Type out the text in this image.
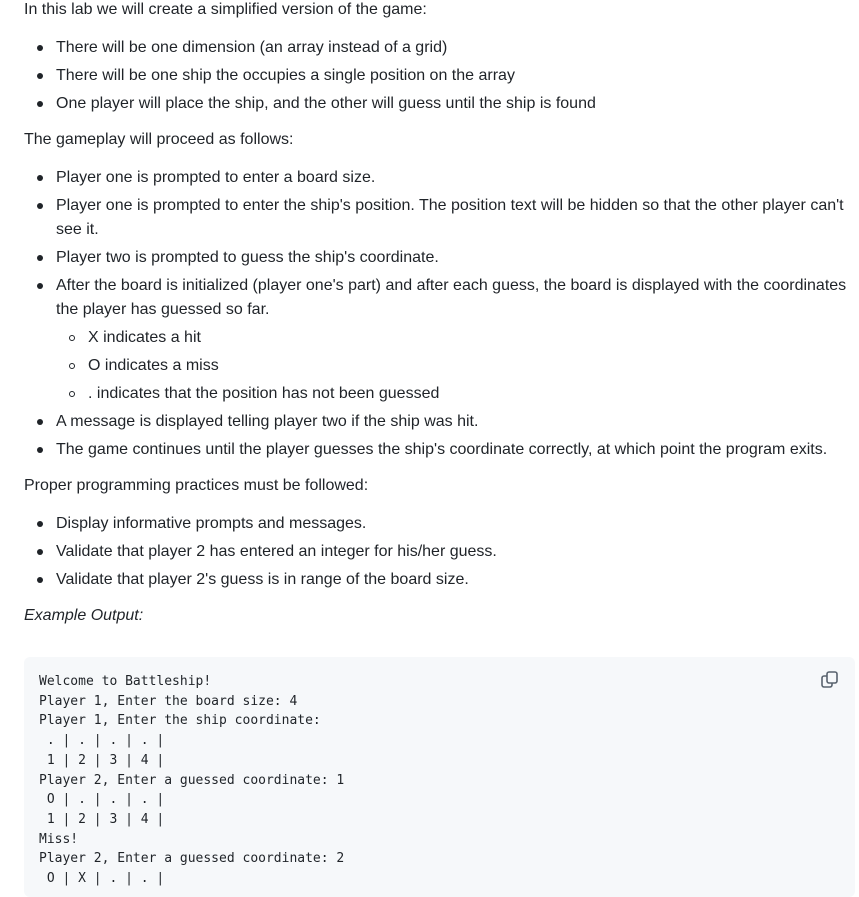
In this lab we will create a simplified version of the game:

There will be one dimension (an array instead of a grid)
There will be one ship the occupies a single position on the array
One player will place the ship, and the other will guess until the ship is found

The gameplay will proceed as follows:

Player one is prompted to enter a board size.
Player one is prompted to enter the ship's position. The position text will be hidden so that the other player can't see it.
Player two is prompted to guess the ship's coordinate.
After the board is initialized (player one's part) and after each guess, the board is displayed with the coordinates the player has guessed so far.
X indicates a hit
O indicates a miss
. indicates that the position has not been guessed
A message is displayed telling player two if the ship was hit.
The game continues until the player guesses the ship's coordinate correctly, at which point the program exits.

Proper programming practices must be followed:

Display informative prompts and messages.
Validate that player 2 has entered an integer for his/her guess.
Validate that player 2's guess is in range of the board size.

Example Output:

Welcome to Battleship!
Player 1, Enter the board size: 4
Player 1, Enter the ship coordinate:
. | . | . | . |
1 | 2 | 3 | 4 |
Player 2, Enter a guessed coordinate: 1
O | . | . | . |
1 | 2 | 3 | 4 |
Miss!
Player 2, Enter a guessed coordinate: 2
O | X | . | . |
